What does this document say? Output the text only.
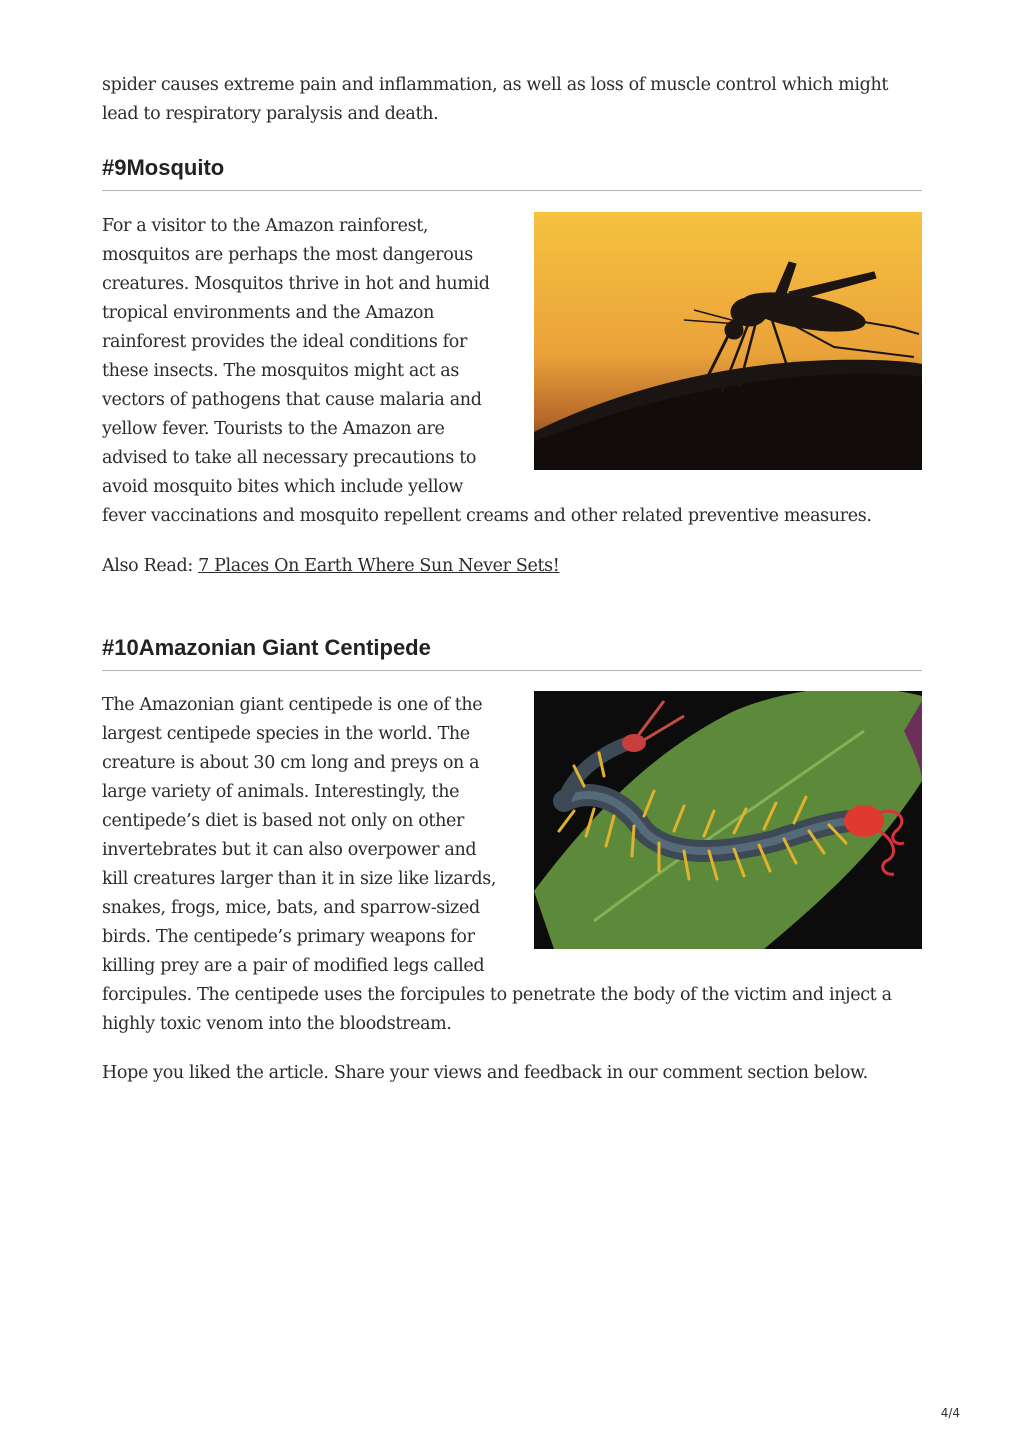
spider causes extreme pain and inflammation, as well as loss of muscle control which might lead to respiratory paralysis and death.

#9Mosquito

For a visitor to the Amazon rainforest, mosquitos are perhaps the most dangerous creatures. Mosquitos thrive in hot and humid tropical environments and the Amazon rainforest provides the ideal conditions for these insects. The mosquitos might act as vectors of pathogens that cause malaria and yellow fever. Tourists to the Amazon are advised to take all necessary precautions to avoid mosquito bites which include yellow fever vaccinations and mosquito repellent creams and other related preventive measures.

Also Read: 7 Places On Earth Where Sun Never Sets!

#10Amazonian Giant Centipede

The Amazonian giant centipede is one of the largest centipede species in the world. The creature is about 30 cm long and preys on a large variety of animals. Interestingly, the centipede’s diet is based not only on other invertebrates but it can also overpower and kill creatures larger than it in size like lizards, snakes, frogs, mice, bats, and sparrow-sized birds. The centipede’s primary weapons for killing prey are a pair of modified legs called forcipules. The centipede uses the forcipules to penetrate the body of the victim and inject a highly toxic venom into the bloodstream.

Hope you liked the article. Share your views and feedback in our comment section below.

4/4
